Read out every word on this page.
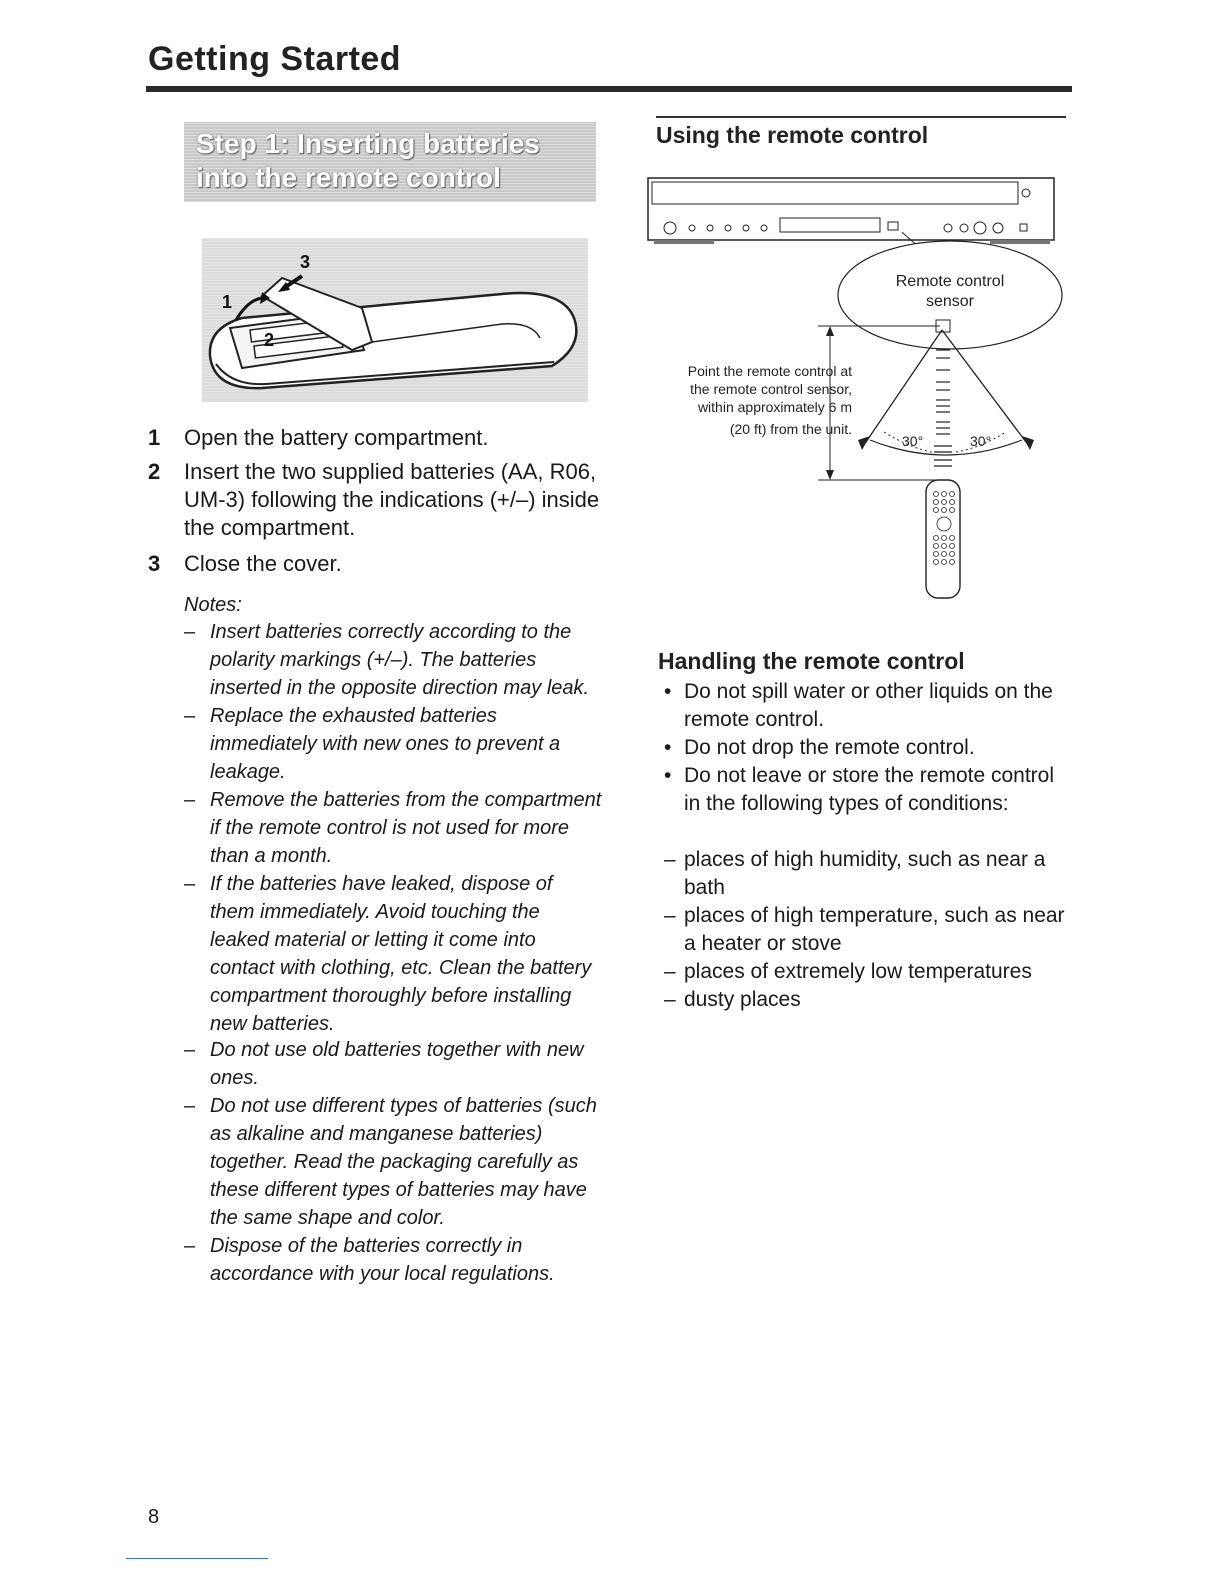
Getting Started
Step 1: Inserting batteries
into the remote control
1
2
3
1 Open the battery compartment.
2 Insert the two supplied batteries (AA, R06, UM-3) following the indications (+/–) inside the compartment.
3 Close the cover.
Notes:
– Insert batteries correctly according to the polarity markings (+/–). The batteries inserted in the opposite direction may leak.
– Replace the exhausted batteries immediately with new ones to prevent a leakage.
– Remove the batteries from the compartment if the remote control is not used for more than a month.
– If the batteries have leaked, dispose of them immediately. Avoid touching the leaked material or letting it come into contact with clothing, etc. Clean the battery compartment thoroughly before installing new batteries.
– Do not use old batteries together with new ones.
– Do not use different types of batteries (such as alkaline and manganese batteries) together. Read the packaging carefully as these different types of batteries may have the same shape and color.
– Dispose of the batteries correctly in accordance with your local regulations.
Using the remote control
Remote control
sensor
Point the remote control at
the remote control sensor,
within approximately 6 m
(20 ft) from the unit.
30°	30°
Handling the remote control
• Do not spill water or other liquids on the remote control.
• Do not drop the remote control.
• Do not leave or store the remote control in the following types of conditions:
– places of high humidity, such as near a bath
– places of high temperature, such as near a heater or stove
– places of extremely low temperatures
– dusty places
8
